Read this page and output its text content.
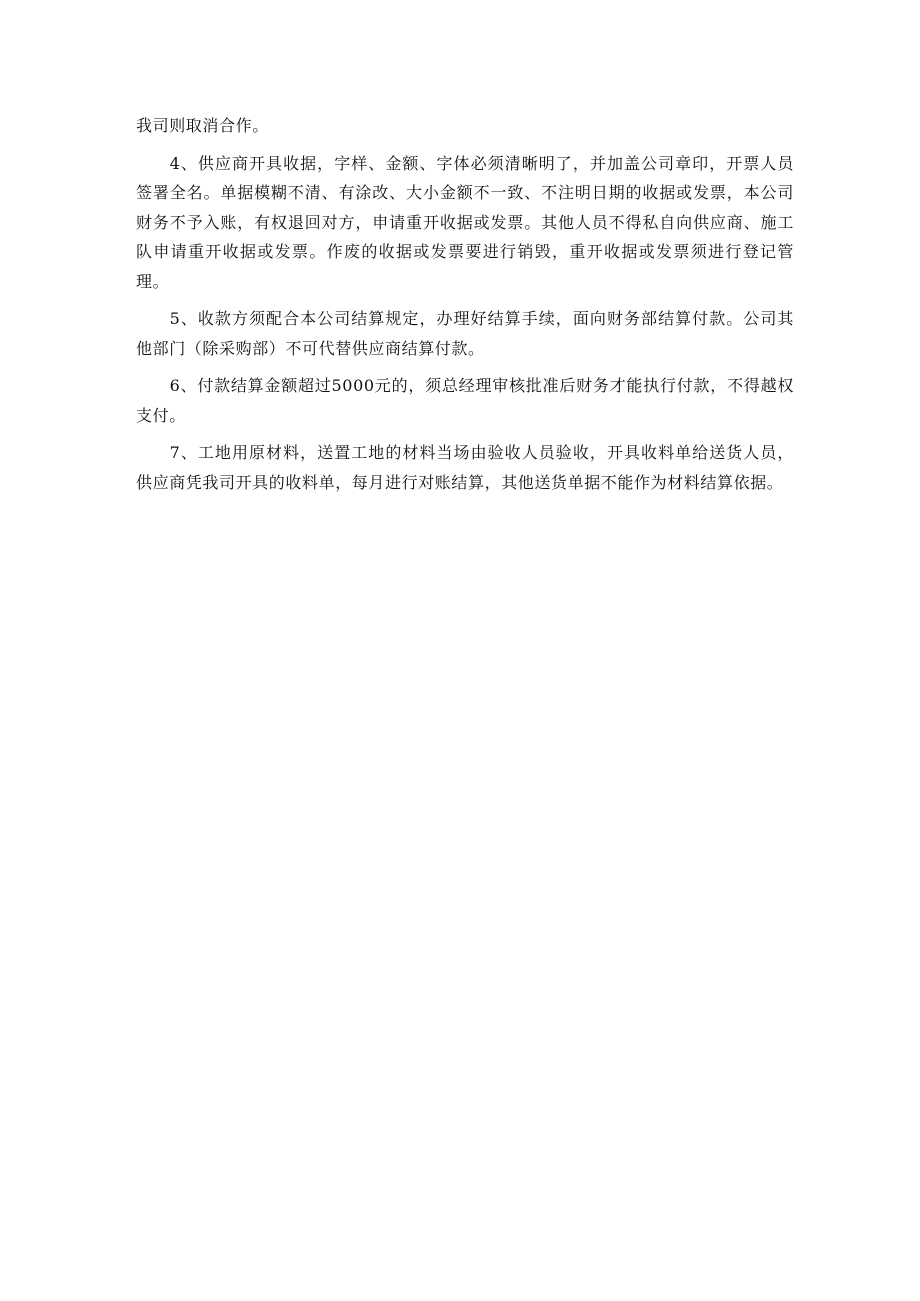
我司则取消合作。

4、供应商开具收据，字样、金额、字体必须清晰明了，并加盖公司章印，开票人员签署全名。单据模糊不清、有涂改、大小金额不一致、不注明日期的收据或发票，本公司财务不予入账，有权退回对方，申请重开收据或发票。其他人员不得私自向供应商、施工队申请重开收据或发票。作废的收据或发票要进行销毁，重开收据或发票须进行登记管理。

5、收款方须配合本公司结算规定，办理好结算手续，面向财务部结算付款。公司其他部门（除采购部）不可代替供应商结算付款。

6、付款结算金额超过5000元的，须总经理审核批准后财务才能执行付款，不得越权支付。

7、工地用原材料，送置工地的材料当场由验收人员验收，开具收料单给送货人员，供应商凭我司开具的收料单，每月进行对账结算，其他送货单据不能作为材料结算依据。
